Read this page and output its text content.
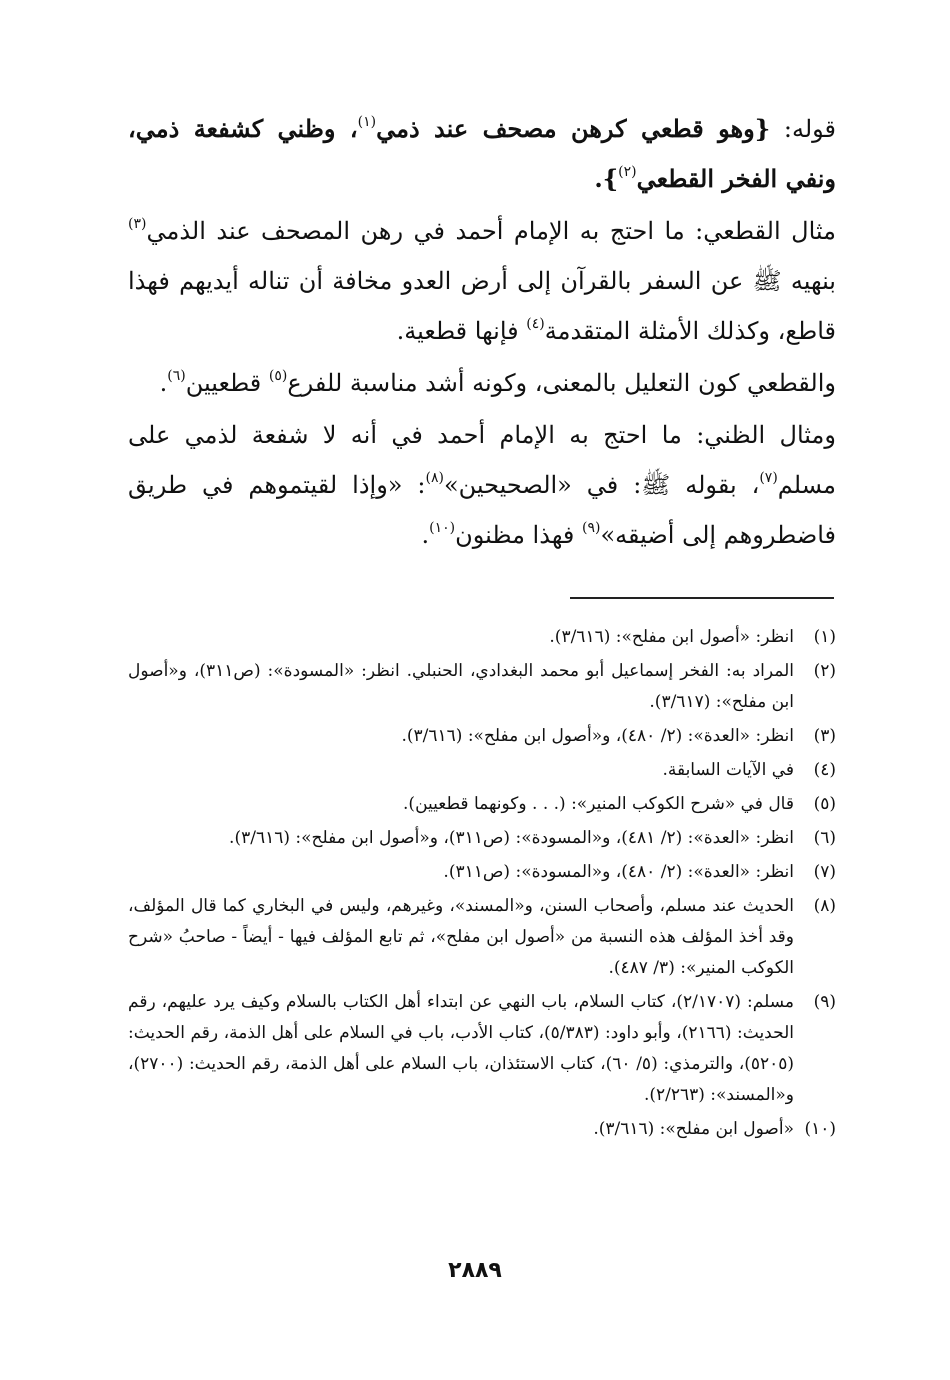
قوله: {وهو قطعي كرهن مصحف عند ذمي$^{(١)}$، وظني كشفعة ذمي، ونفي الفخر القطعي$^{(٢)}$}.

مثال القطعي: ما احتج به الإمام أحمد في رهن المصحف عند الذمي$^{(٣)}$ بنهيه ﷺ عن السفر بالقرآن إلى أرض العدو مخافة أن تناله أيديهم فهذا قاطع، وكذلك الأمثلة المتقدمة$^{(٤)}$ فإنها قطعية.

والقطعي كون التعليل بالمعنى، وكونه أشد مناسبة للفرع$^{(٥)}$ قطعيين$^{(٦)}$.

ومثال الظني: ما احتج به الإمام أحمد في أنه لا شفعة لذمي على مسلم$^{(٧)}$، بقوله ﷺ: في «الصحيحين»$^{(٨)}$: «وإذا لقيتموهم في طريق فاضطروهم إلى أضيقه»$^{(٩)}$ فهذا مظنون$^{(١٠)}$.

(١)
انظر: «أصول ابن مفلح»: (٣/٦١٦).
(٢)
المراد به: الفخر إسماعيل أبو محمد البغدادي، الحنبلي. انظر: «المسودة»: (ص٣١١)، و«أصول ابن مفلح»: (٣/٦١٧).
(٣)
انظر: «العدة»: (٢/ ٤٨٠)، و«أصول ابن مفلح»: (٣/٦١٦).
(٤)
في الآيات السابقة.
(٥)
قال في «شرح الكوكب المنير»: (. . . وكونهما قطعيين).
(٦)
انظر: «العدة»: (٢/ ٤٨١)، و«المسودة»: (ص٣١١)، و«أصول ابن مفلح»: (٣/٦١٦).
(٧)
انظر: «العدة»: (٢/ ٤٨٠)، و«المسودة»: (ص٣١١).
(٨)
الحديث عند مسلم، وأصحاب السنن، و«المسند»، وغيرهم، وليس في البخاري كما قال المؤلف، وقد أخذ المؤلف هذه النسبة من «أصول ابن مفلح»، ثم تابع المؤلف فيها - أيضاً - صاحبُ «شرح الكوكب المنير»: (٣/ ٤٨٧).
(٩)
مسلم: (٢/١٧٠٧)، كتاب السلام، باب النهي عن ابتداء أهل الكتاب بالسلام وكيف يرد عليهم، رقم الحديث: (٢١٦٦)، وأبو داود: (٥/٣٨٣)، كتاب الأدب، باب في السلام على أهل الذمة، رقم الحديث: (٥٢٠٥)، والترمذي: (٥/ ٦٠)، كتاب الاستئذان، باب السلام على أهل الذمة، رقم الحديث: (٢٧٠٠)، و«المسند»: (٢/٢٦٣).
(١٠)
«أصول ابن مفلح»: (٣/٦١٦).
٢٨٨٩
